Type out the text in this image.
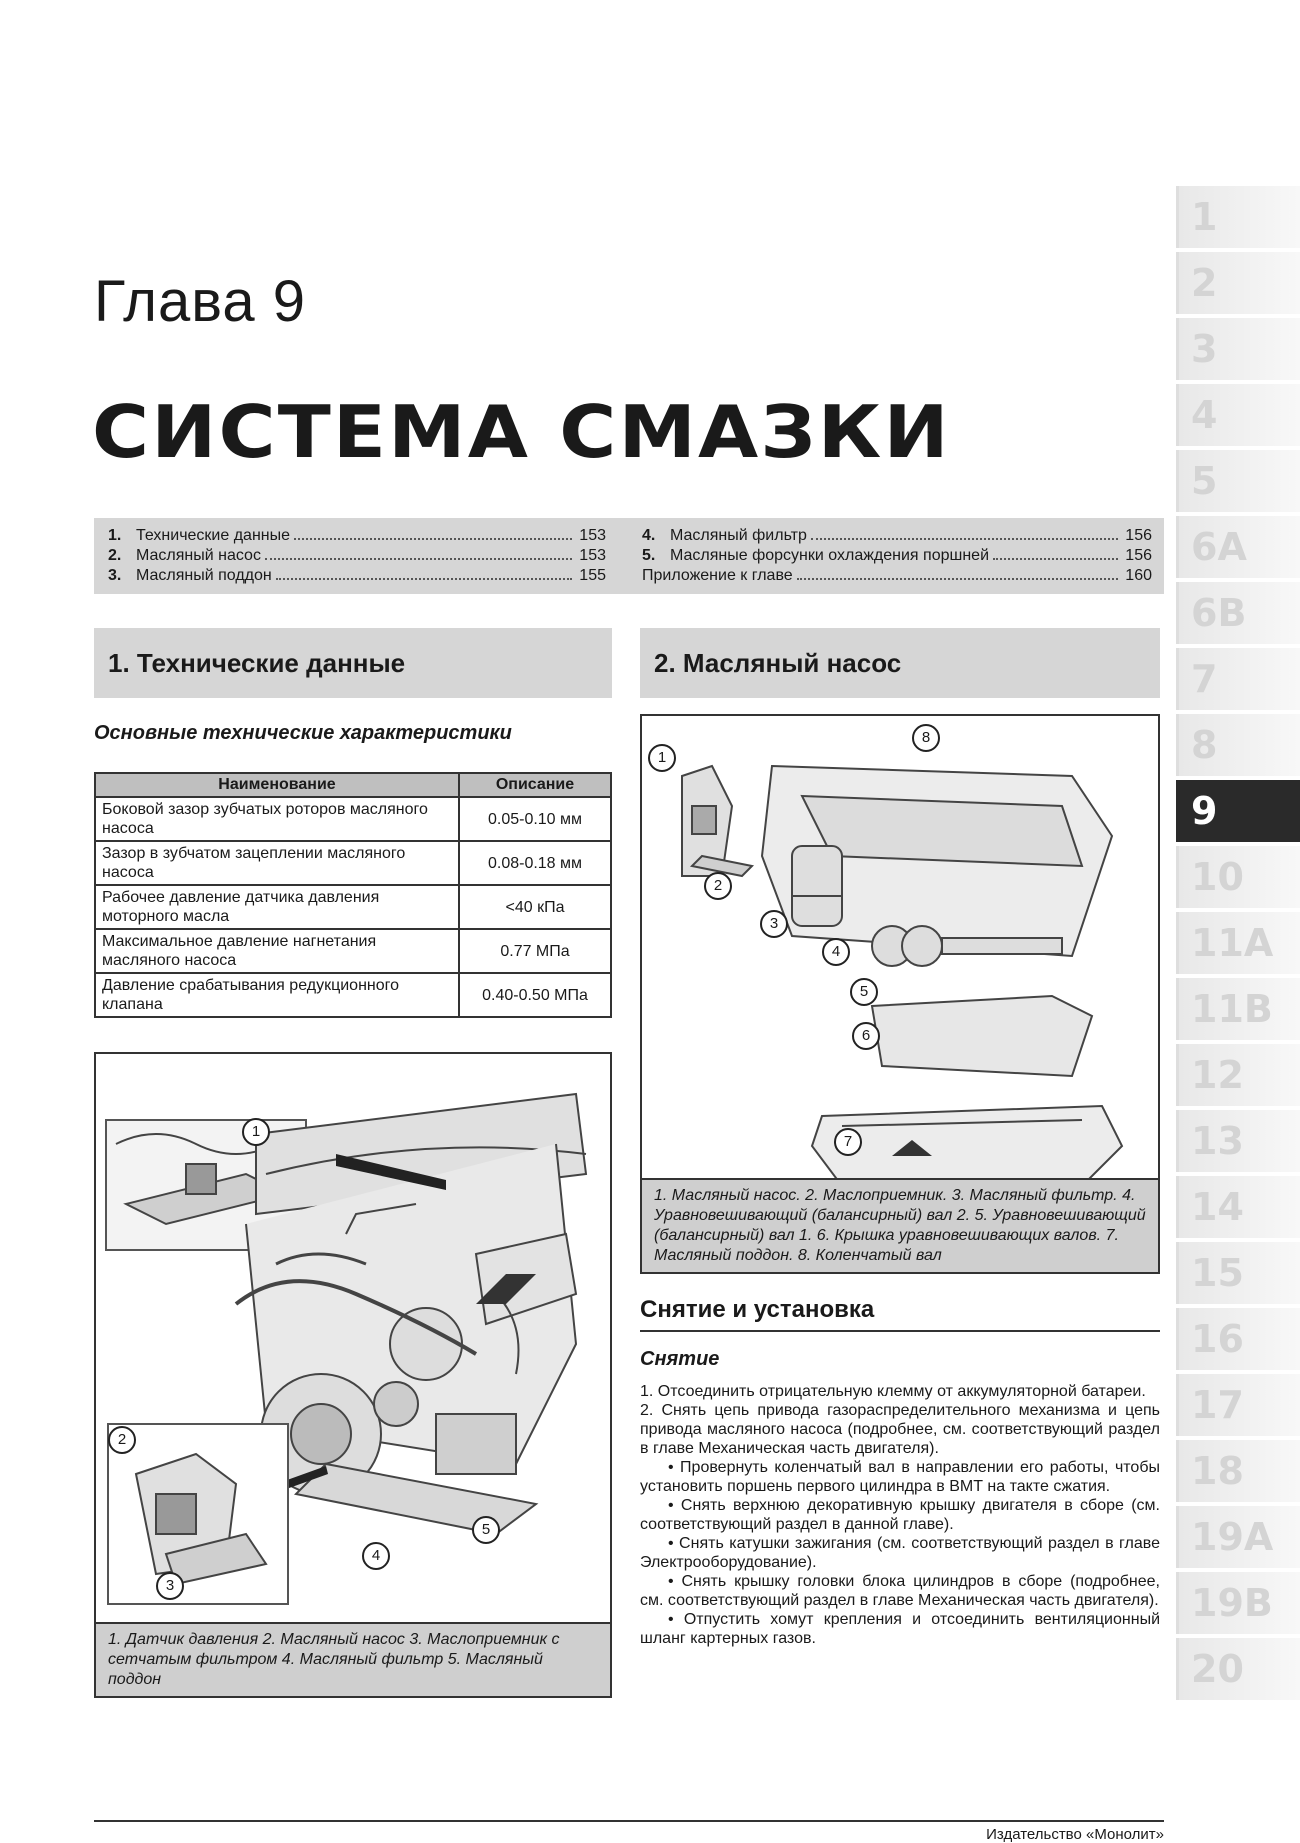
Глава 9
СИСТЕМА СМАЗКИ
1
2
3
4
5
6A
6B
7
8
9
10
11A
11B
12
13
14
15
16
17
18
19A
19B
20
1. Технические данные	153
2. Масляный насос	153
3. Масляный поддон	155
4. Масляный фильтр	156
5. Масляные форсунки охлаждения поршней	156
Приложение к главе	160
1. Технические данные	2. Масляный насос
Основные технические характеристики
Наименование	Описание
Боковой зазор зубчатых роторов масляного насоса	0.05-0.10 мм
Зазор в зубчатом зацеплении масляного насоса	0.08-0.18 мм
Рабочее давление датчика давления моторного масла	<40 кПа
Максимальное давление нагнетания масляного насоса	0.77 МПа
Давление срабатывания редукционного клапана	0.40-0.50 МПа
1
2
3
4
5
1. Датчик давления 2. Масляный насос 3. Маслоприемник с сетчатым фильтром 4. Масляный фильтр 5. Масляный поддон
1
2
3
4
5
6
7
8
1. Масляный насос. 2. Маслоприемник. 3. Масляный фильтр. 4. Уравновешивающий (балансирный) вал 2. 5. Уравновешивающий (балансирный) вал 1. 6. Крышка уравновешивающих валов. 7. Масляный поддон. 8. Коленчатый вал
Снятие и установка
Снятие

1. Отсоединить отрицательную клемму от аккумуляторной батареи.

2. Снять цепь привода газораспределительного механизма и цепь привода масляного насоса (подробнее, см. соответствующий раздел в главе Механическая часть двигателя).

• Провернуть коленчатый вал в направлении его работы, чтобы установить поршень первого цилиндра в ВМТ на такте сжатия.

• Снять верхнюю декоративную крышку двигателя в сборе (см. соответствующий раздел в данной главе).

• Снять катушки зажигания (см. соответствующий раздел в главе Электрооборудование).

• Снять крышку головки блока цилиндров в сборе (подробнее, см. соответствующий раздел в главе Механическая часть двигателя).

• Отпустить хомут крепления и отсоединить вентиляционный шланг картерных газов.

Издательство «Монолит»
